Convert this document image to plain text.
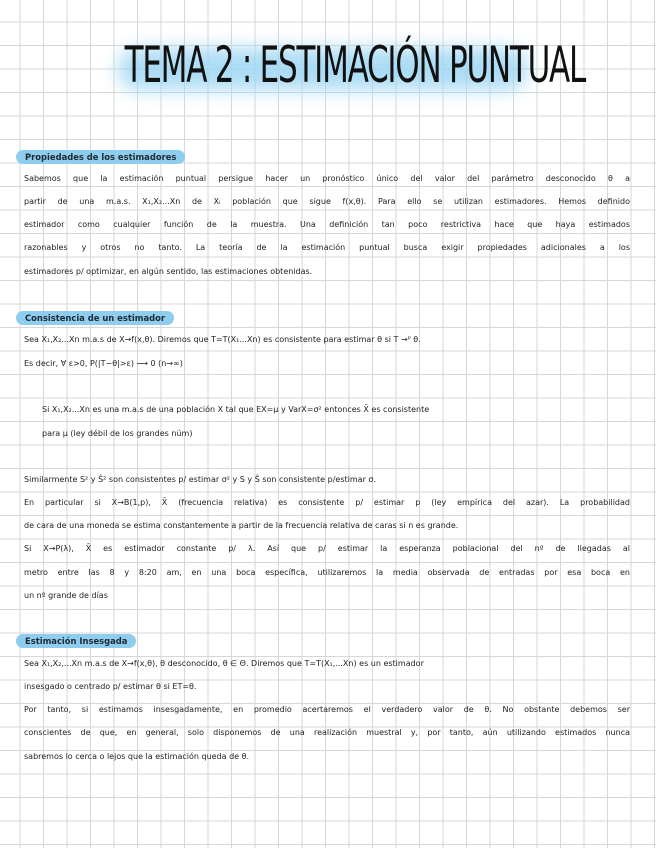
TEMA 2 : ESTIMACIÓN PUNTUAL
Propiedades de los estimadores
Sabemos que la estimación puntual persigue hacer un pronóstico único del valor del parámetro desconocido θ a
partir de una m.a.s. X₁,X₂...Xn de Xᵢ población que sigue f(x,θ). Para ello se utilizan estimadores. Hemos definido
estimador como cualquier función de la muestra. Una definición tan poco restrictiva hace que haya estimados
razonables y otros no tanto. La teoría de la estimación puntual busca exigir propiedades adicionales a los
estimadores p/ optimizar, en algún sentido, las estimaciones obtenidas.
Consistencia de un estimador
Sea X₁,X₂...Xn m.a.s de X→f(x,θ). Diremos que T=T(X₁...Xn) es consistente para estimar θ si T →ᴾ θ.
Es decir, ∀ ε>0, P(|T−θ|>ε) ⟶ 0 (n→∞)
Si X₁,X₂...Xn es una m.a.s de una población X tal que EX=μ y VarX=σ² entonces X̄ es consistente
para μ (ley débil de los grandes núm)
Similarmente S² y Ŝ² son consistentes p/ estimar σ² y S y Ŝ son consistente p/estimar σ.
En particular si X→B(1,p), X̄ (frecuencia relativa) es consistente p/ estimar p (ley empírica del azar). La probabilidad
de cara de una moneda se estima constantemente a partir de la frecuencia relativa de caras si n es grande.
Si X→P(λ), X̄ es estimador constante p/ λ. Así que p/ estimar la esperanza poblacional del nº de llegadas al
metro entre las 8 y 8:20 am, en una boca específica, utilizaremos la media observada de entradas por esa boca en
un nº grande de días
Estimación Insesgada
Sea X₁,X₂,...Xn m.a.s de X→f(x,θ), θ desconocido, θ ∈ Θ. Diremos que T=T(X₁,...Xn) es un estimador
insesgado o centrado p/ estimar θ si ET=θ.
Por tanto, si estimamos insesgadamente, en promedio acertaremos el verdadero valor de θ. No obstante debemos ser
conscientes de que, en general, solo disponemos de una realización muestral y, por tanto, aún utilizando estimados nunca
sabremos lo cerca o lejos que la estimación queda de θ.
